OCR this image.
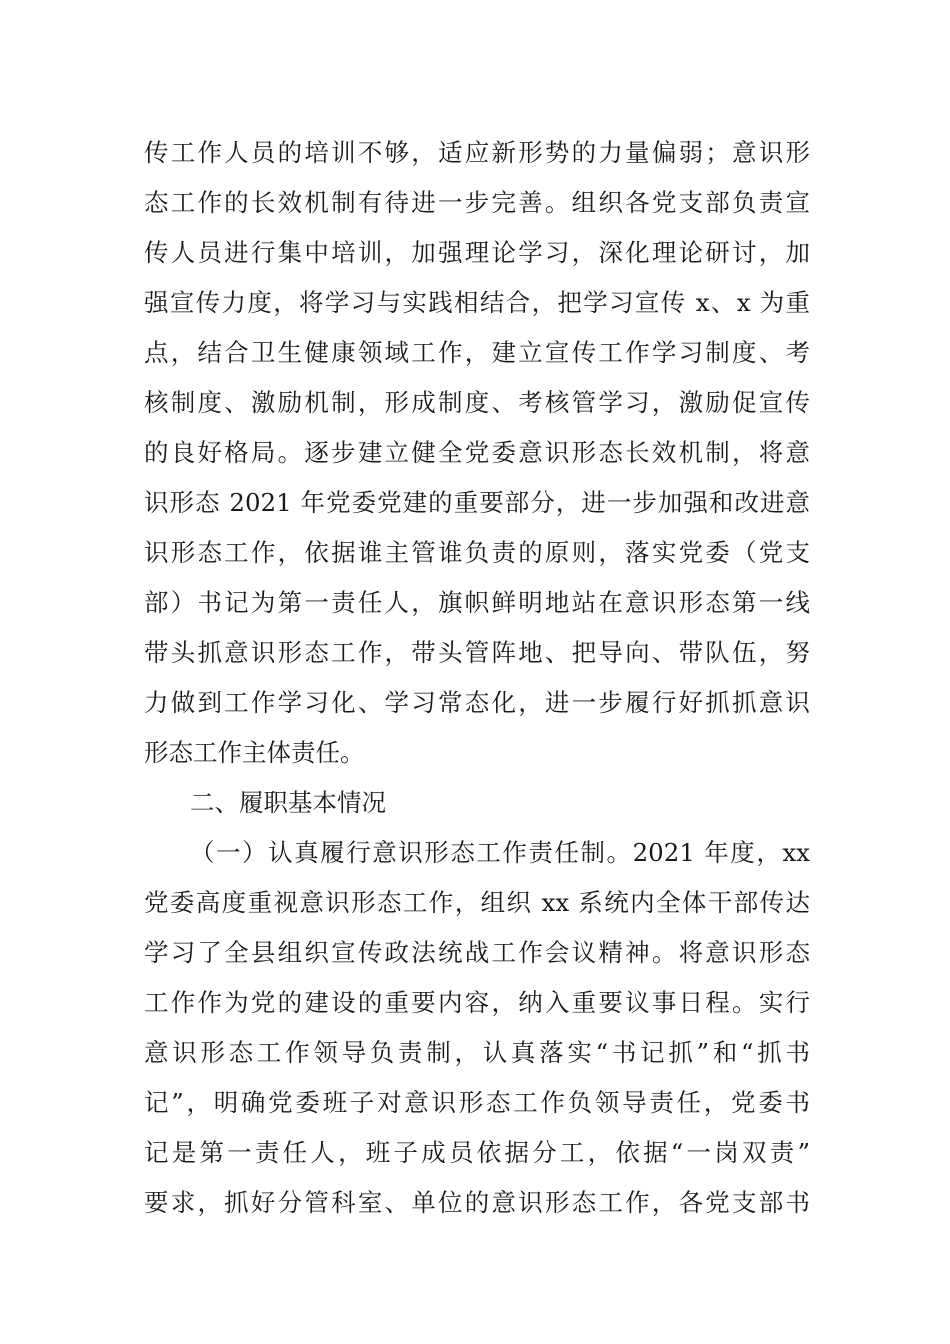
传工作人员的培训不够，适应新形势的力量偏弱；意识形
态工作的长效机制有待进一步完善。组织各党支部负责宣
传人员进行集中培训，加强理论学习，深化理论研讨，加
强宣传力度，将学习与实践相结合，把学习宣传 x、x 为重
点，结合卫生健康领域工作，建立宣传工作学习制度、考
核制度、激励机制，形成制度、考核管学习，激励促宣传
的良好格局。逐步建立健全党委意识形态长效机制，将意
识形态 2021 年党委党建的重要部分，进一步加强和改进意
识形态工作，依据谁主管谁负责的原则，落实党委（党支
部）书记为第一责任人，旗帜鲜明地站在意识形态第一线
带头抓意识形态工作，带头管阵地、把导向、带队伍，努
力做到工作学习化、学习常态化，进一步履行好抓抓意识
形态工作主体责任。
二、履职基本情况
（一）认真履行意识形态工作责任制。2021 年度，xx
党委高度重视意识形态工作，组织 xx 系统内全体干部传达
学习了全县组织宣传政法统战工作会议精神。将意识形态
工作作为党的建设的重要内容，纳入重要议事日程。实行
意识形态工作领导负责制，认真落实“书记抓”和“抓书
记”，明确党委班子对意识形态工作负领导责任，党委书
记是第一责任人，班子成员依据分工，依据“一岗双责”
要求，抓好分管科室、单位的意识形态工作，各党支部书
